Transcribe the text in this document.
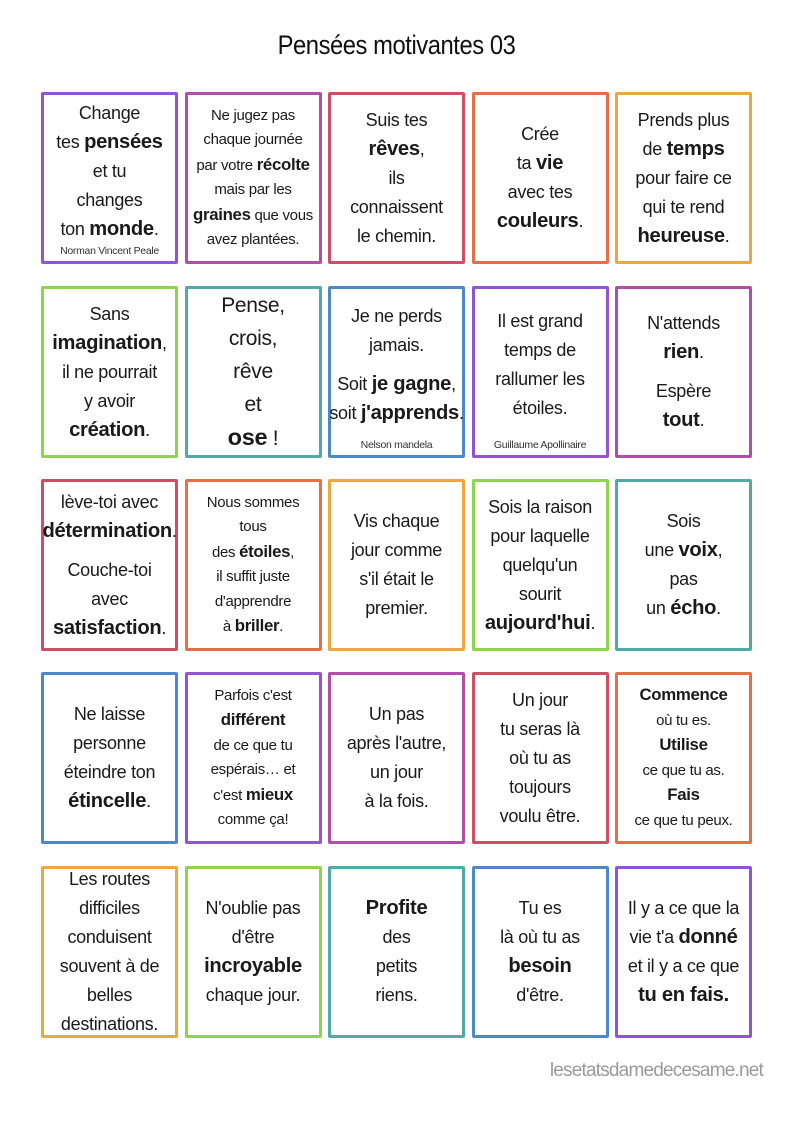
Pensées motivantes 03
Change
tes pensées
et tu
changes
ton monde.
Norman Vincent Peale
Ne jugez pas
chaque journée
par votre récolte
mais par les
graines que vous
avez plantées.
Suis tes
rêves,
ils
connaissent
le chemin.
Crée
ta vie
avec tes
couleurs.
Prends plus
de temps
pour faire ce
qui te rend
heureuse.
Sans
imagination,
il ne pourrait
y avoir
création.
Pense,
crois,
rêve
et
ose !
Je ne perds
jamais.
Soit je gagne,
soit j'apprends.
Nelson mandela
Il est grand
temps de
rallumer les
étoiles.
Guillaume Apollinaire
N'attends
rien.
Espère
tout.
lève-toi avec
détermination.
Couche-toi
avec
satisfaction.
Nous sommes
tous
des étoiles,
il suffit juste
d'apprendre
à briller.
Vis chaque
jour comme
s'il était le
premier.
Sois la raison
pour laquelle
quelqu'un
sourit
aujourd'hui.
Sois
une voix,
pas
un écho.
Ne laisse
personne
éteindre ton
étincelle.
Parfois c'est
différent
de ce que tu
espérais… et
c'est mieux
comme ça!
Un pas
après l'autre,
un jour
à la fois.
Un jour
tu seras là
où tu as
toujours
voulu être.
Commence
où tu es.
Utilise
ce que tu as.
Fais
ce que tu peux.
Les routes
difficiles
conduisent
souvent à de
belles
destinations.
N'oublie pas
d'être
incroyable
chaque jour.
Profite
des
petits
riens.
Tu es
là où tu as
besoin
d'être.
Il y a ce que la
vie t'a donné
et il y a ce que
tu en fais.
lesetatsdamedecesame.net
